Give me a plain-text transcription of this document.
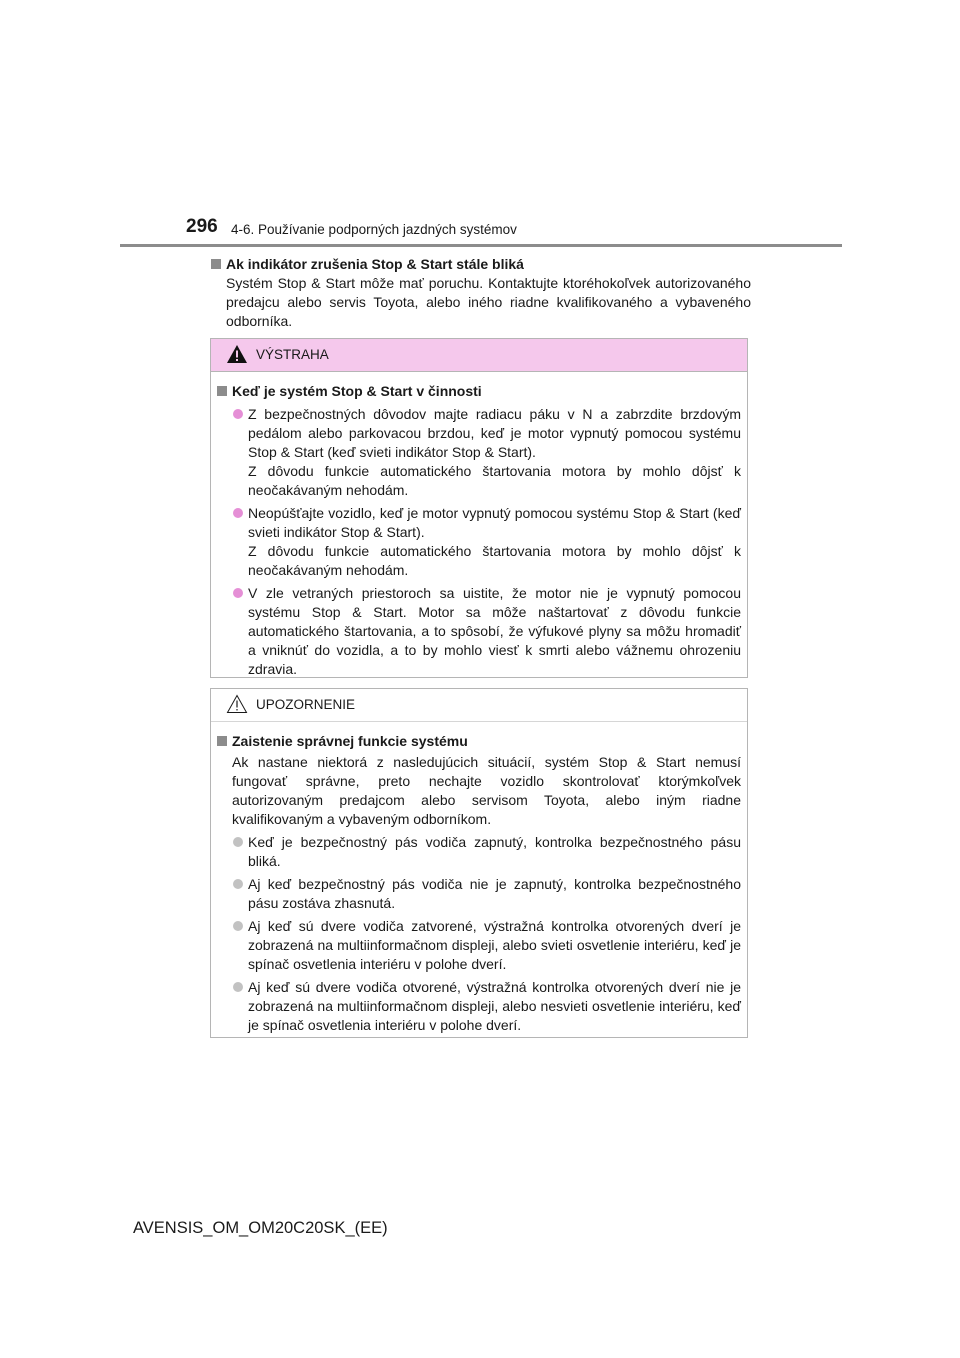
296 4-6. Používanie podporných jazdných systémov
Ak indikátor zrušenia Stop & Start stále bliká
Systém Stop & Start môže mať poruchu. Kontaktujte ktoréhokoľvek autorizovaného predajcu alebo servis Toyota, alebo iného riadne kvalifikovaného a vybaveného odborníka.
VÝSTRAHA
Keď je systém Stop & Start v činnosti
Z bezpečnostných dôvodov majte radiacu páku v N a zabrzdite brzdovým pedálom alebo parkovacou brzdou, keď je motor vypnutý pomocou systému Stop & Start (keď svieti indikátor Stop & Start).
Z dôvodu funkcie automatického štartovania motora by mohlo dôjsť k neočakávaným nehodám.
Neopúšťajte vozidlo, keď je motor vypnutý pomocou systému Stop & Start (keď svieti indikátor Stop & Start).
Z dôvodu funkcie automatického štartovania motora by mohlo dôjsť k neočakávaným nehodám.
V zle vetraných priestoroch sa uistite, že motor nie je vypnutý pomocou systému Stop & Start. Motor sa môže naštartovať z dôvodu funkcie automatického štartovania, a to spôsobí, že výfukové plyny sa môžu hromadiť a vniknúť do vozidla, a to by mohlo viesť k smrti alebo vážnemu ohrozeniu zdravia.
UPOZORNENIE
Zaistenie správnej funkcie systému
Ak nastane niektorá z nasledujúcich situácií, systém Stop & Start nemusí fungovať správne, preto nechajte vozidlo skontrolovať ktorýmkoľvek autorizovaným predajcom alebo servisom Toyota, alebo iným riadne kvalifikovaným a vybaveným odborníkom.
Keď je bezpečnostný pás vodiča zapnutý, kontrolka bezpečnostného pásu bliká.
Aj keď bezpečnostný pás vodiča nie je zapnutý, kontrolka bezpečnostného pásu zostáva zhasnutá.
Aj keď sú dvere vodiča zatvorené, výstražná kontrolka otvorených dverí je zobrazená na multiinformačnom displeji, alebo svieti osvetlenie interiéru, keď je spínač osvetlenia interiéru v polohe dverí.
Aj keď sú dvere vodiča otvorené, výstražná kontrolka otvorených dverí nie je zobrazená na multiinformačnom displeji, alebo nesvieti osvetlenie interiéru, keď je spínač osvetlenia interiéru v polohe dverí.
AVENSIS_OM_OM20C20SK_(EE)
